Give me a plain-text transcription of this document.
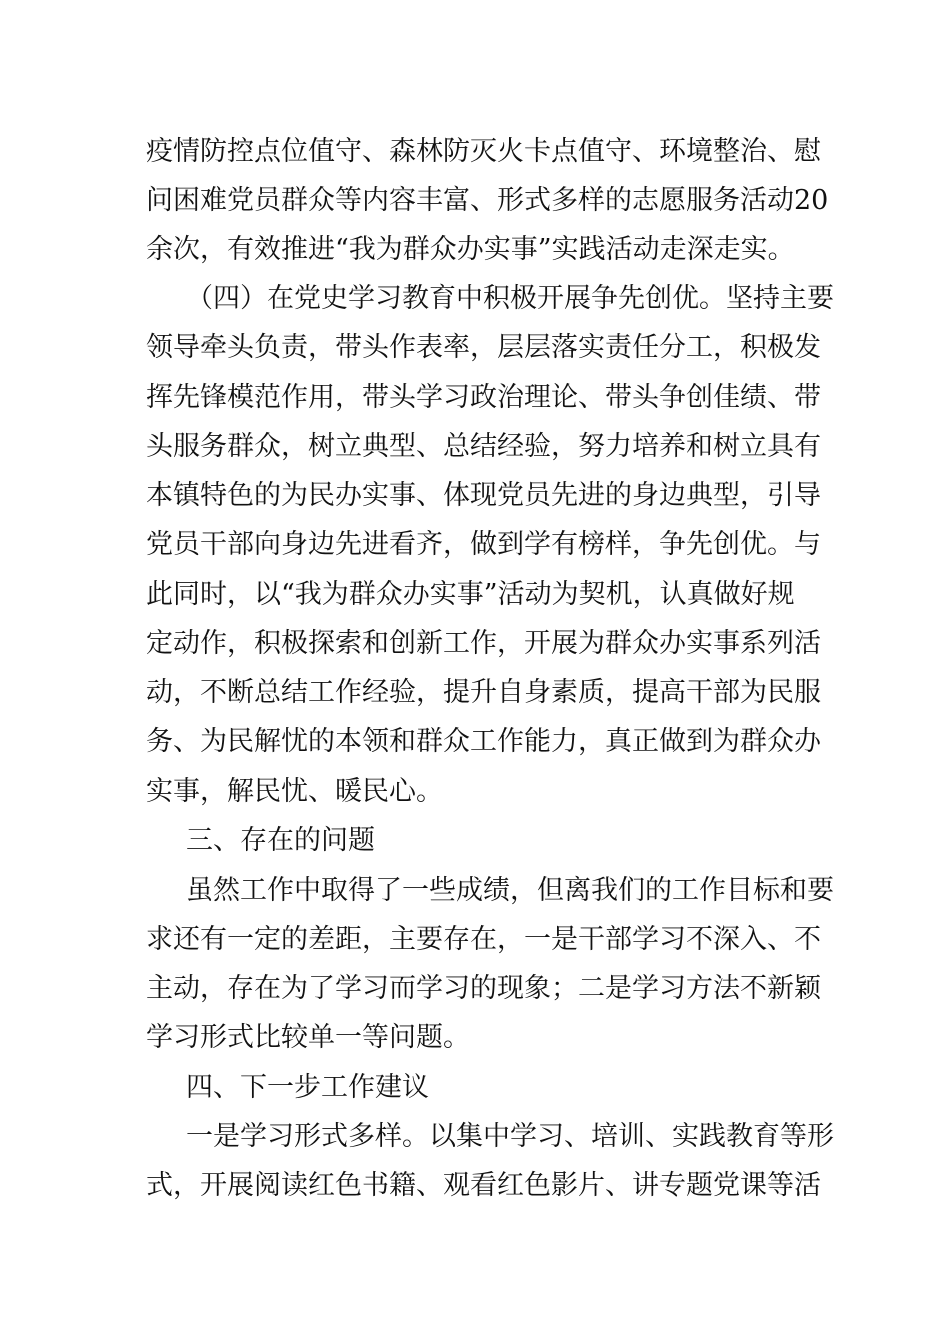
疫情防控点位值守、森林防灭火卡点值守、环境整治、慰
问困难党员群众等内容丰富、形式多样的志愿服务活动20
余次，有效推进“我为群众办实事”实践活动走深走实。
（四）在党史学习教育中积极开展争先创优。坚持主要
领导牵头负责，带头作表率，层层落实责任分工，积极发
挥先锋模范作用，带头学习政治理论、带头争创佳绩、带
头服务群众，树立典型、总结经验，努力培养和树立具有
本镇特色的为民办实事、体现党员先进的身边典型，引导
党员干部向身边先进看齐，做到学有榜样，争先创优。与
此同时，以“我为群众办实事”活动为契机，认真做好规
定动作，积极探索和创新工作，开展为群众办实事系列活
动，不断总结工作经验，提升自身素质，提高干部为民服
务、为民解忧的本领和群众工作能力，真正做到为群众办
实事，解民忧、暖民心。
三、存在的问题
虽然工作中取得了一些成绩，但离我们的工作目标和要
求还有一定的差距，主要存在，一是干部学习不深入、不
主动，存在为了学习而学习的现象；二是学习方法不新颖
学习形式比较单一等问题。
四、下一步工作建议
一是学习形式多样。以集中学习、培训、实践教育等形
式，开展阅读红色书籍、观看红色影片、讲专题党课等活
